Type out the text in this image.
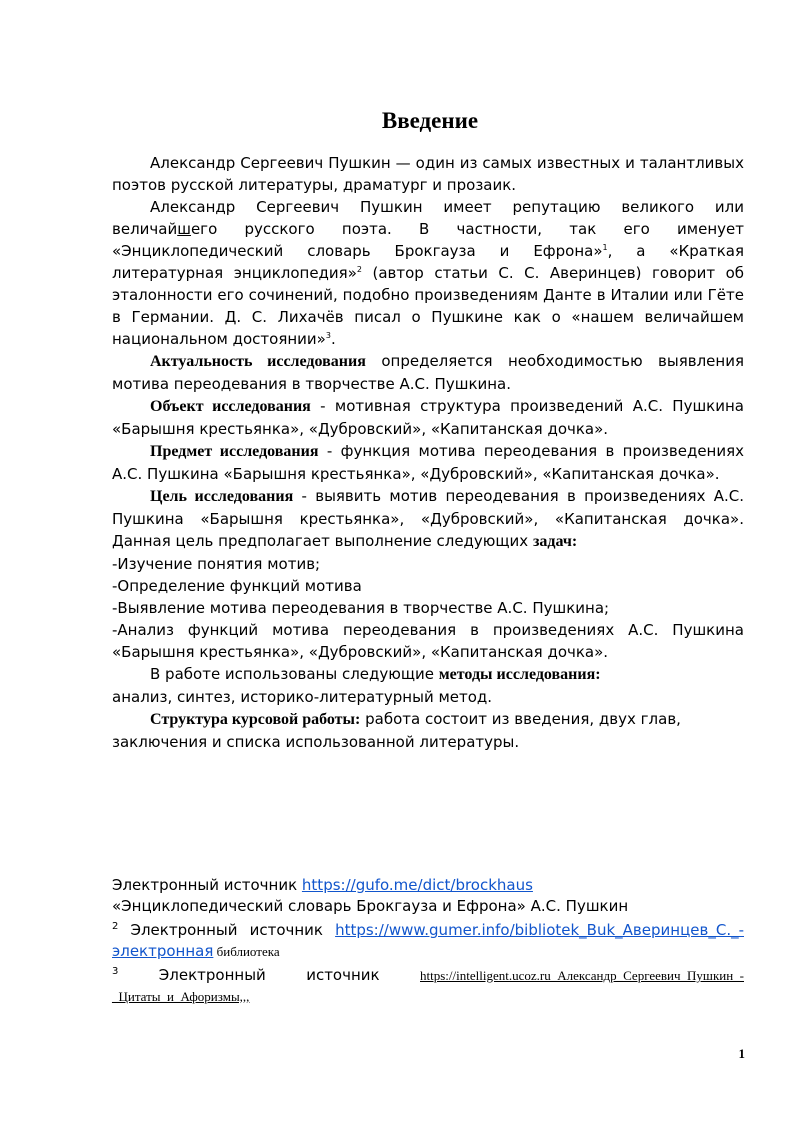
Введение

Александр Сергеевич Пушкин — один из самых известных и талантливых поэтов русской литературы, драматург и прозаик.

Александр Сергеевич Пушкин имеет репутацию великого или величайшего русского поэта. В частности, так его именует «Энциклопедический словарь Брокгауза и Ефрона»$^1$, а «Краткая литературная энциклопедия»$^2$ (автор статьи С. С. Аверинцев) говорит об эталонности его сочинений, подобно произведениям Данте в Италии или Гёте в Германии. Д. С. Лихачёв писал о Пушкине как о «нашем величайшем национальном достоянии»$^3$.

Актуальность исследования определяется необходимостью выявления мотива переодевания в творчестве А.С. Пушкина.

Объект исследования - мотивная структура произведений А.С. Пушкина «Барышня крестьянка», «Дубровский», «Капитанская дочка».

Предмет исследования - функция мотива переодевания в произведениях А.С. Пушкина «Барышня крестьянка», «Дубровский», «Капитанская дочка».

Цель исследования - выявить мотив переодевания в произведениях А.С. Пушкина «Барышня крестьянка», «Дубровский», «Капитанская дочка». Данная цель предполагает выполнение следующих задач:

-Изучение понятия мотив;

-Определение функций мотива

-Выявление мотива переодевания в творчестве А.С. Пушкина;

-Анализ функций мотива переодевания в произведениях А.С. Пушкина «Барышня крестьянка», «Дубровский», «Капитанская дочка».

В работе использованы следующие методы исследования:

анализ, синтез, историко-литературный метод.

Структура курсовой работы: работа состоит из введения, двух глав, заключения и списка использованной литературы.

Электронный источник https://gufo.me/dict/brockhaus

«Энциклопедический словарь Брокгауза и Ефрона» А.С. Пушкин

$^2$ Электронный источник https://www.gumer.info/bibliotek_Buk_Аверинцев_С._-электронная библиотека

$^3$ Электронный источник https://intelligent.ucoz.ru_Александр_Сергеевич_Пушкин_-_Цитаты_и_Афоризмы,,,

1
